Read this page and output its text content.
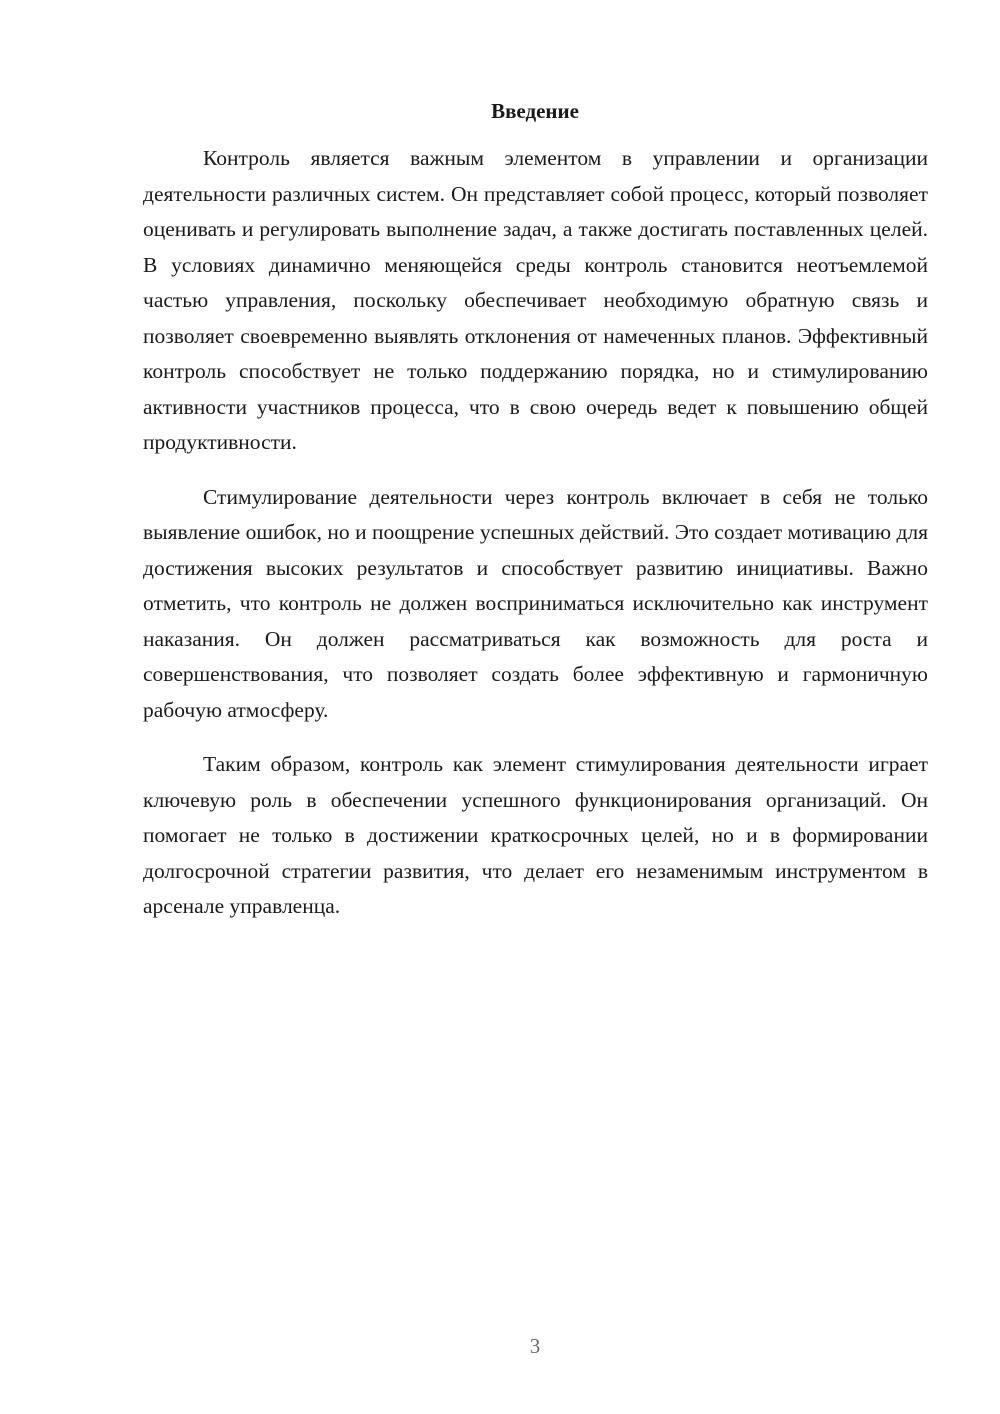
Введение

Контроль является важным элементом в управлении и организации деятельности различных систем. Он представляет собой процесс, который позволяет оценивать и регулировать выполнение задач, а также достигать поставленных целей. В условиях динамично меняющейся среды контроль становится неотъемлемой частью управления, поскольку обеспечивает необходимую обратную связь и позволяет своевременно выявлять отклонения от намеченных планов. Эффективный контроль способствует не только поддержанию порядка, но и стимулированию активности участников процесса, что в свою очередь ведет к повышению общей продуктивности.

Стимулирование деятельности через контроль включает в себя не только выявление ошибок, но и поощрение успешных действий. Это создает мотивацию для достижения высоких результатов и способствует развитию инициативы. Важно отметить, что контроль не должен восприниматься исключительно как инструмент наказания. Он должен рассматриваться как возможность для роста и совершенствования, что позволяет создать более эффективную и гармоничную рабочую атмосферу.

Таким образом, контроль как элемент стимулирования деятельности играет ключевую роль в обеспечении успешного функционирования организаций. Он помогает не только в достижении краткосрочных целей, но и в формировании долгосрочной стратегии развития, что делает его незаменимым инструментом в арсенале управленца.

3
